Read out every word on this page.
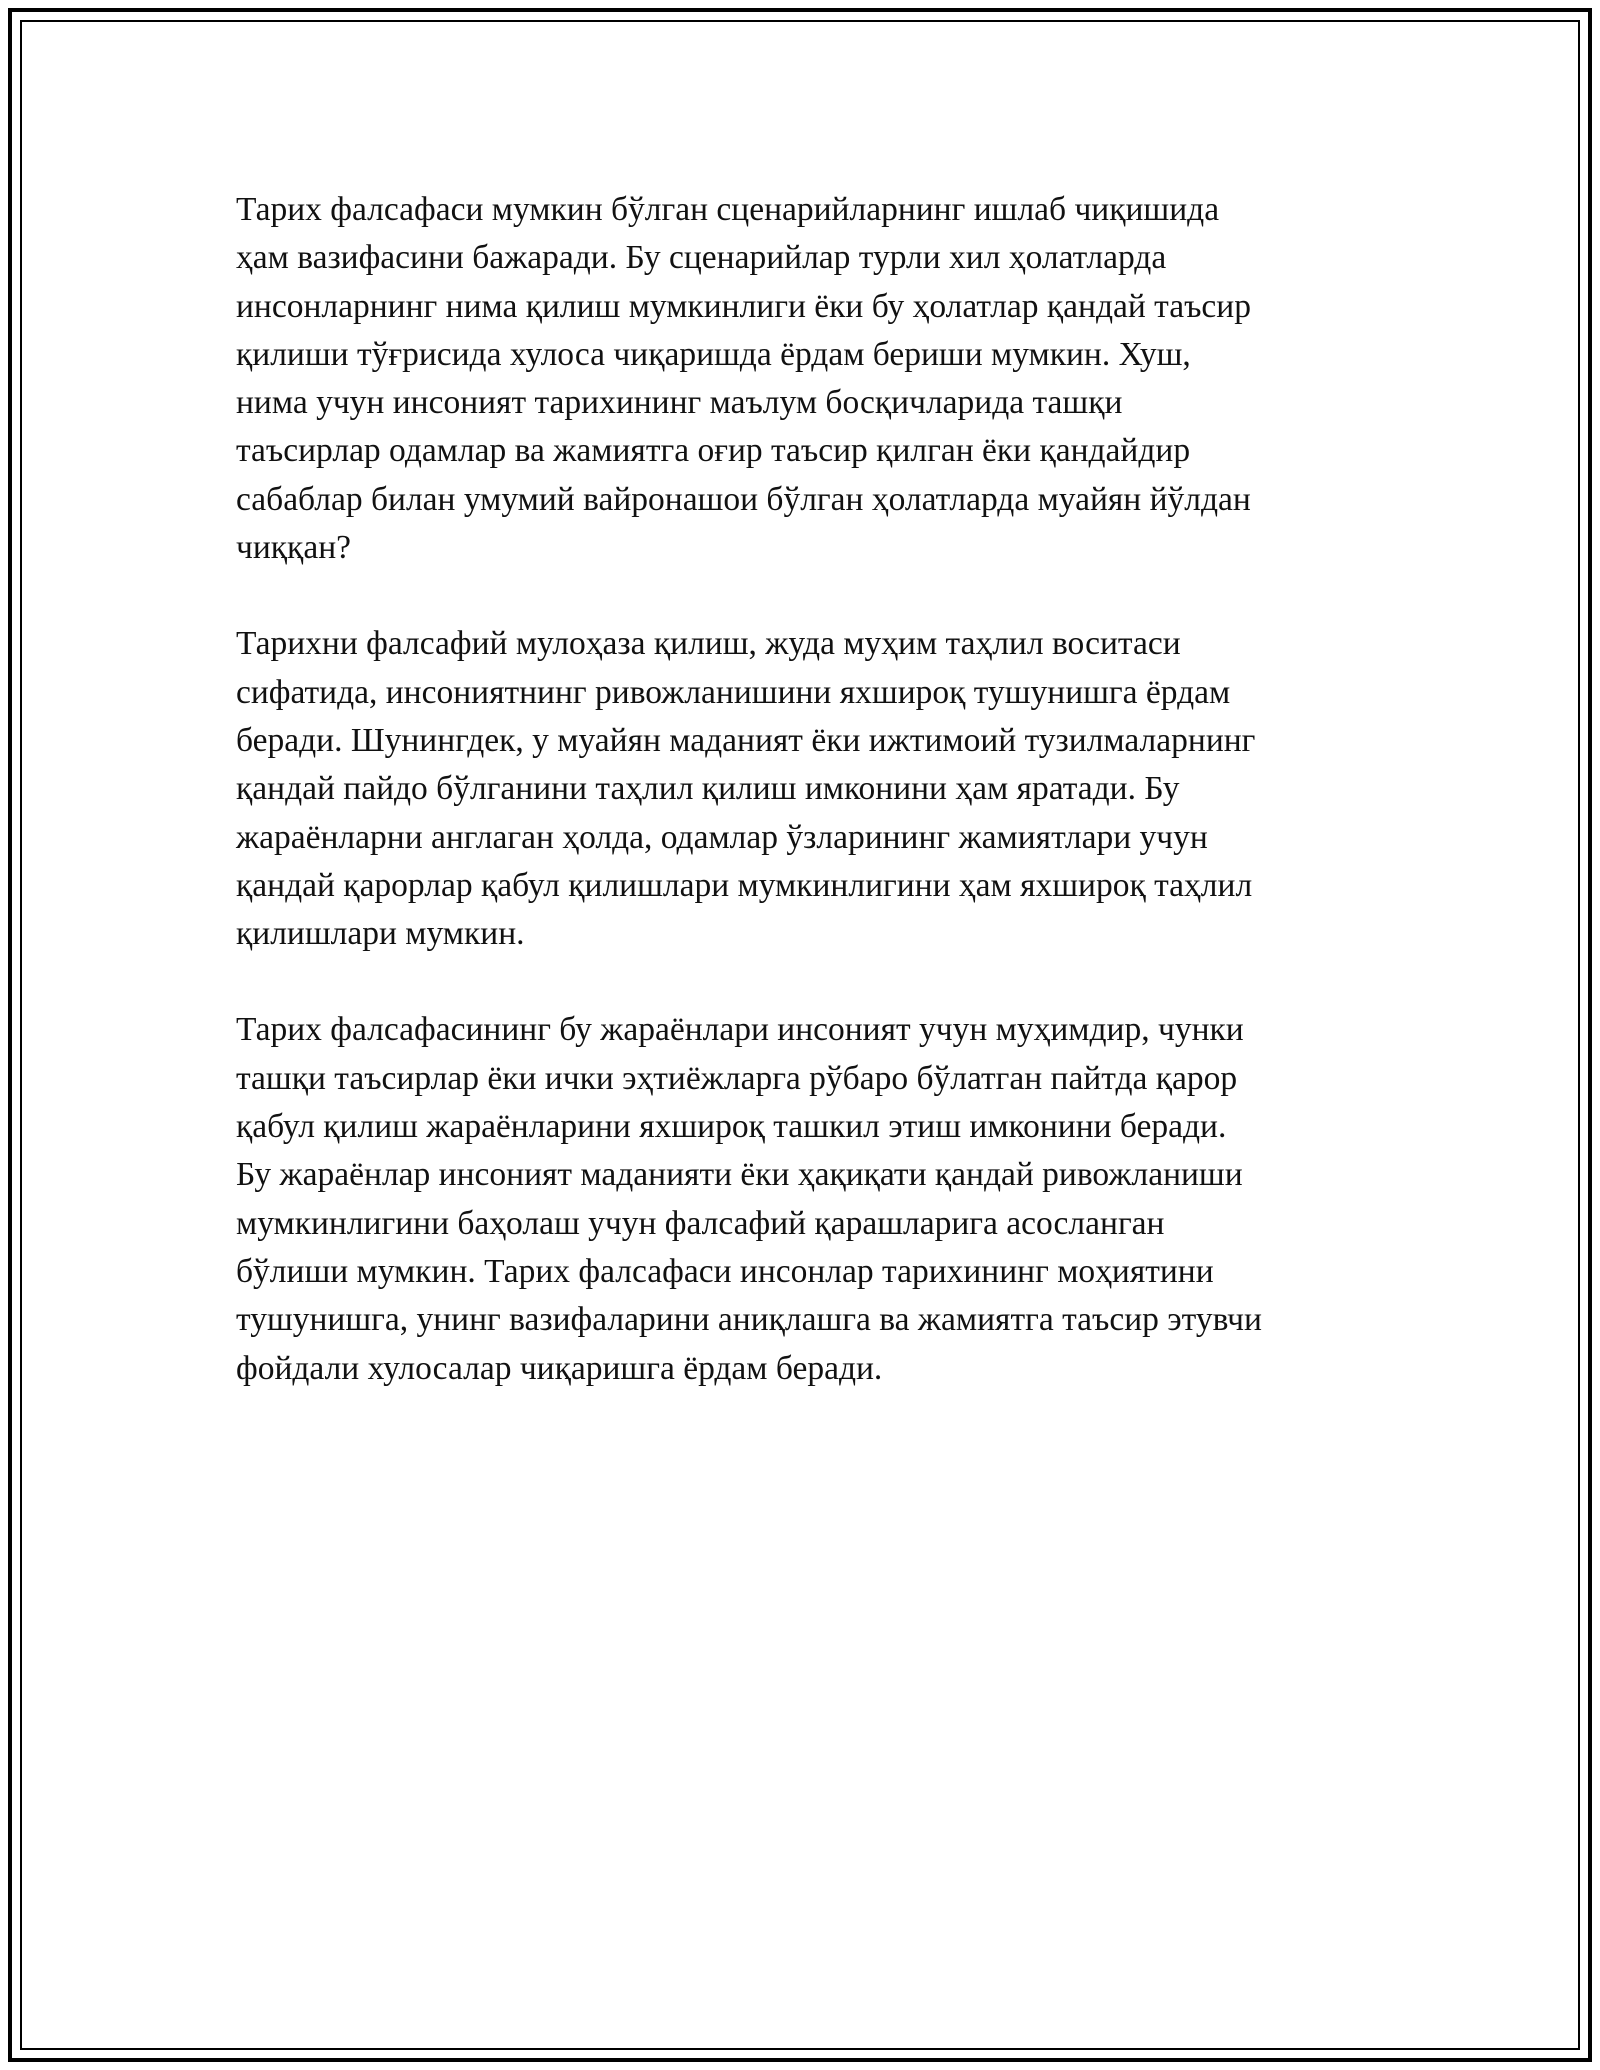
Тарих фалсафаси мумкин бўлган сценарийларнинг ишлаб чиқишида
ҳам вазифасини бажаради. Бу сценарийлар турли хил ҳолатларда
инсонларнинг нима қилиш мумкинлиги ёки бу ҳолатлар қандай таъсир
қилиши тўғрисида хулоса чиқаришда ёрдам бериши мумкин. Хуш,
нима учун инсоният тарихининг маълум босқичларида ташқи
таъсирлар одамлар ва жамиятга оғир таъсир қилган ёки қандайдир
сабаблар билан умумий вайронашои бўлган ҳолатларда муайян йўлдан
чиққан?

Тарихни фалсафий мулоҳаза қилиш, жуда муҳим таҳлил воситаси
сифатида, инсониятнинг ривожланишини яхшироқ тушунишга ёрдам
беради. Шунингдек, у муайян маданият ёки ижтимоий тузилмаларнинг
қандай пайдо бўлганини таҳлил қилиш имконини ҳам яратади. Бу
жараёнларни англаган ҳолда, одамлар ўзларининг жамиятлари учун
қандай қарорлар қабул қилишлари мумкинлигини ҳам яхшироқ таҳлил
қилишлари мумкин.

Тарих фалсафасининг бу жараёнлари инсоният учун муҳимдир, чунки
ташқи таъсирлар ёки ички эҳтиёжларга рўбаро бўлатган пайтда қарор
қабул қилиш жараёнларини яхшироқ ташкил этиш имконини беради.
Бу жараёнлар инсоният маданияти ёки ҳақиқати қандай ривожланиши
мумкинлигини баҳолаш учун фалсафий қарашларига асосланган
бўлиши мумкин. Тарих фалсафаси инсонлар тарихининг моҳиятини
тушунишга, унинг вазифаларини аниқлашга ва жамиятга таъсир этувчи
фойдали хулосалар чиқаришга ёрдам беради.
